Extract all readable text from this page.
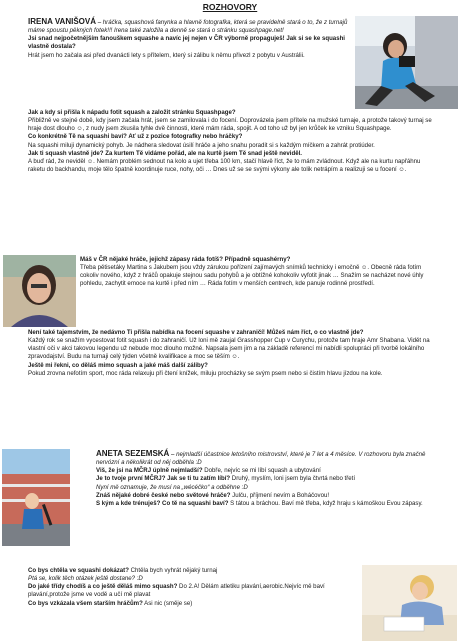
ROZHOVORY

IRENA VANIŠOVÁ – hráčka, squashová fanynka a hlavně fotografka, která se pravidelně stará o to, že z turnajů máme spoustu pěkných fotek!!! Irena také založila a denně se stará o stránku squashpage.net!

Jsi snad nejpočetnějším fanouškem squashe a navíc jej nejen v ČR výborně propaguješ! Jak si se ke squashi vlastně dostala?

Hrát jsem ho začala asi před dvanácti lety s přítelem, který si zálibu k němu přivezl z pobytu v Austrálii.

Jak a kdy si přišla k nápadu fotit squash a založit stránku Squashpage?

Přibližně ve stejné době, kdy jsem začala hrát, jsem se zamilovala i do focení. Doprovázela jsem přítele na mužské turnaje, a protože takový turnaj se hraje dost dlouho ☺, z nudy jsem zkusila tyhle dvě činnosti, které mám ráda, spojit. A od toho už byl jen krůček ke vzniku Squashpage.

Co konkrétně Tě na squashi baví? Ať už z pozice fotografky nebo hráčky?

Na squashi miluji dynamický pohyb. Je nádhera sledovat úsilí hráče a jeho snahu poradit si s každým míčkem a zahrát protiúder.

Jak ti squash vlastně jde? Za kurtem Tě vidáme pořád, ale na kurtě jsem Tě snad ještě neviděl.

A buď rád, že neviděl ☺. Nemám problém sednout na kolo a ujet třeba 100 km, stačí hlavě říct, že to mám zvládnout. Když ale na kurtu napřáhnu raketu do backhandu, moje tělo špatně koordinuje ruce, nohy, oči … Dnes už se se svými výkony ale tolik netrápím a realizuji se u focení ☺.

Máš v ČR nějaké hráče, jejichž zápasy ráda fotíš? Případně squashérny?

Třeba pětisetáky Martina s Jakubem jsou vždy zárukou pořízení zajímavých snímků technicky i emočně ☺. Obecně ráda fotím cokoliv nového, když z hráčů opakuje stejnou sadu pohybů a je obtížné kohokoliv vyfotit jinak … Snažím se nacházet nové úhly pohledu, zachytit emoce na kurtě i před ním … Ráda fotím v menších centrech, kde panuje rodinné prostředí.

Není také tajemstvím, že nedávno Ti přišla nabídka na focení squashe v zahraničí! Můžeš nám říct, o co vlastně jde?

Každý rok se snažím vycestovat fotit squash i do zahraničí. Už loni mě zaujal Grasshopper Cup v Curychu, protože tam hraje Amr Shabana. Vidět na vlastní oči v akci takovou legendu už nebude moc dlouho možné. Napsala jsem jim a na základě referencí mi nabídli spolupráci při tvorbě lokálního zpravodajství. Budu na turnaji celý týden včetně kvalifikace a moc se těším ☺.

Ještě mi řekni, co děláš mimo squash a jaké máš další záliby?

Pokud zrovna nefotím sport, moc ráda relaxuju při čtení knížek, miluju procházky se svým psem nebo si čistím hlavu jízdou na kole.

ANETA SEZEMSKÁ – nejmladší účastnice letošního mistrovství, které je 7 let a 4 měsíce. V rozhovoru byla značně nervózní a několikrát od něj odběhla :D

Viš, že jsi na MČRJ úplně nejmladší? Dobře, nejvíc se mi líbí squash a ubytování

Je to tvoje první MČRJ? Jak se ti tu zatím líbí? Druhý, myslím, loni jsem byla čtvrtá nebo třetí

Nyní mě oznamuje, že musí na „wécéčko“ a odběhne :D

Znáš nějaké dobré české nebo světové hráče? Julču, příjmení nevím a Boháčovou!

S kým a kde trénuješ? Co tě na squashi baví? S tátou a bráchou. Baví mě třeba, když hraju s kámoškou Evou zápasy.

Co bys chtěla ve squashi dokázat? Chtěla bych vyhrát nějaký turnaj

Ptá se, kolik těch otázek ještě dostane? :D

Do jaké třídy chodíš a co ještě děláš mimo squash? Do 2.A! Dělám atletiku plavání,aerobic.Nejvíc mě baví plavání,protože jsme ve vodě a učí mě plavat

Co bys vzkázala všem starším hráčům? Asi nic (směje se)
